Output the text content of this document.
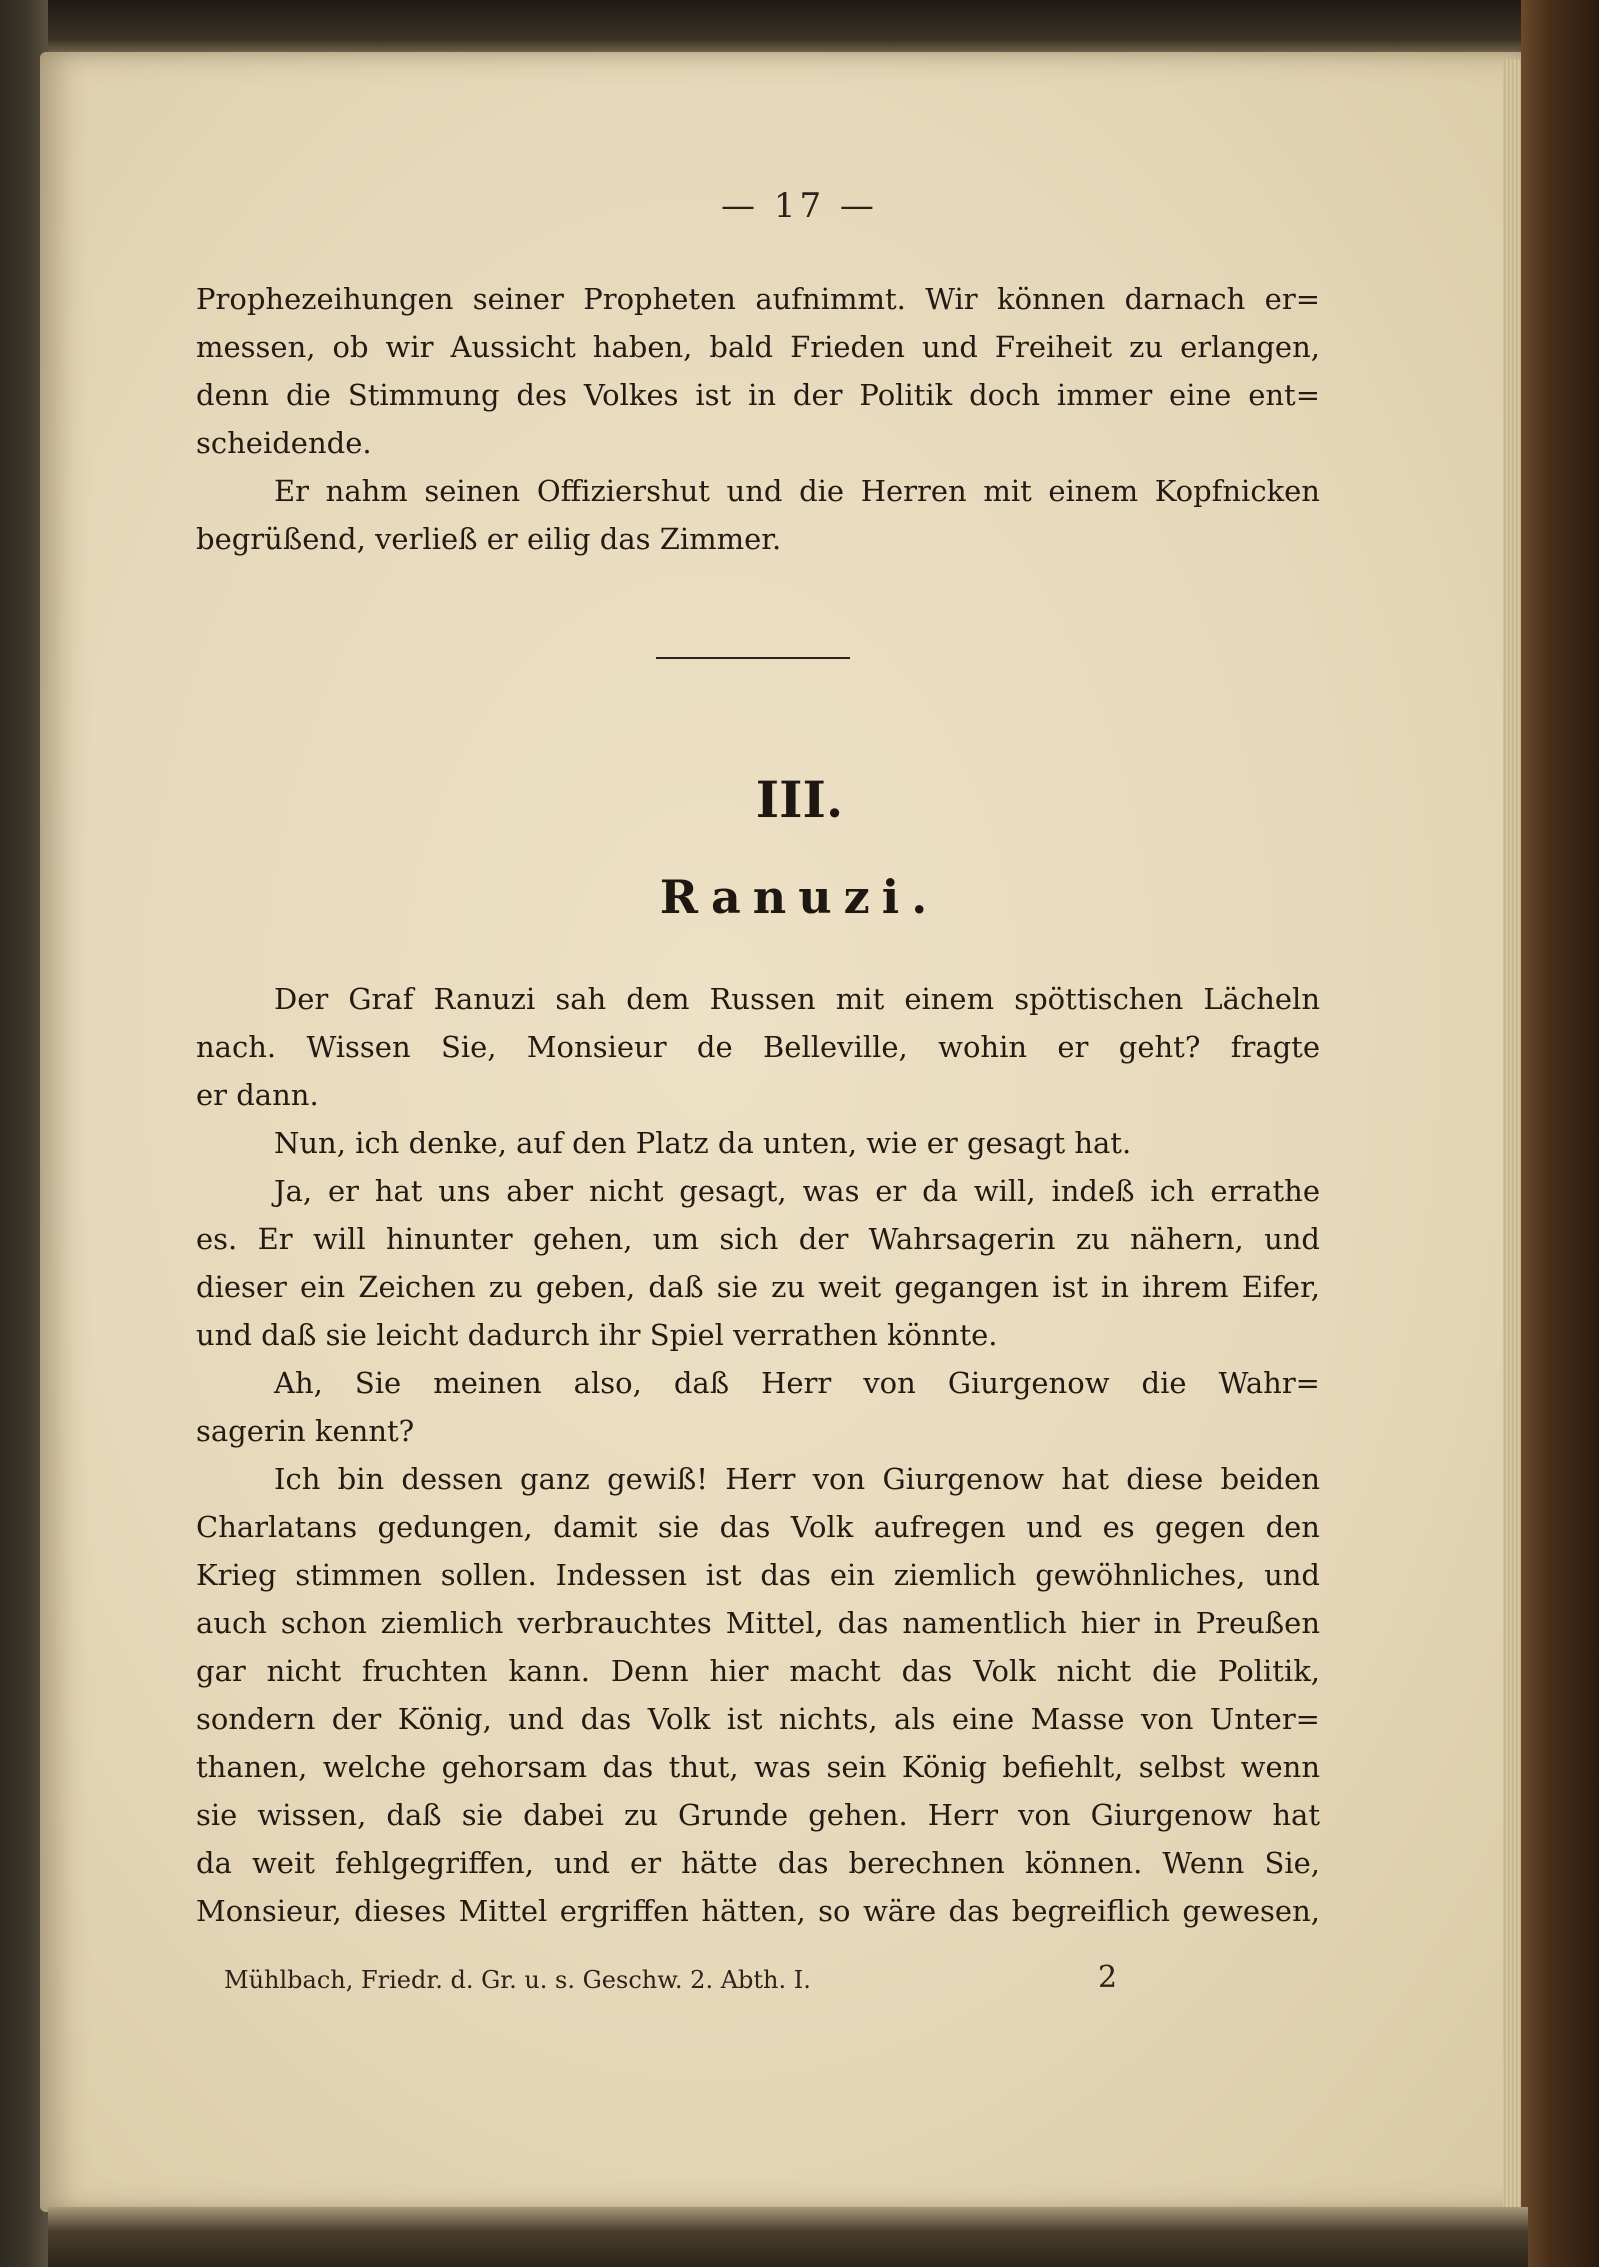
— 17 —
Prophezeihungen seiner Propheten aufnimmt. Wir können darnach er=
messen, ob wir Aussicht haben, bald Frieden und Freiheit zu erlangen,
denn die Stimmung des Volkes ist in der Politik doch immer eine ent=
scheidende.
Er nahm seinen Offiziershut und die Herren mit einem Kopfnicken
begrüßend, verließ er eilig das Zimmer.
III.
Ranuzi.
Der Graf Ranuzi sah dem Russen mit einem spöttischen Lächeln
nach. Wissen Sie, Monsieur de Belleville, wohin er geht? fragte
er dann.
Nun, ich denke, auf den Platz da unten, wie er gesagt hat.
Ja, er hat uns aber nicht gesagt, was er da will, indeß ich errathe
es. Er will hinunter gehen, um sich der Wahrsagerin zu nähern, und
dieser ein Zeichen zu geben, daß sie zu weit gegangen ist in ihrem Eifer,
und daß sie leicht dadurch ihr Spiel verrathen könnte.
Ah, Sie meinen also, daß Herr von Giurgenow die Wahr=
sagerin kennt?
Ich bin dessen ganz gewiß! Herr von Giurgenow hat diese beiden
Charlatans gedungen, damit sie das Volk aufregen und es gegen den
Krieg stimmen sollen. Indessen ist das ein ziemlich gewöhnliches, und
auch schon ziemlich verbrauchtes Mittel, das namentlich hier in Preußen
gar nicht fruchten kann. Denn hier macht das Volk nicht die Politik,
sondern der König, und das Volk ist nichts, als eine Masse von Unter=
thanen, welche gehorsam das thut, was sein König befiehlt, selbst wenn
sie wissen, daß sie dabei zu Grunde gehen. Herr von Giurgenow hat
da weit fehlgegriffen, und er hätte das berechnen können. Wenn Sie,
Monsieur, dieses Mittel ergriffen hätten, so wäre das begreiflich gewesen,
Mühlbach, Friedr. d. Gr. u. s. Geschw. 2. Abth. I.	2
